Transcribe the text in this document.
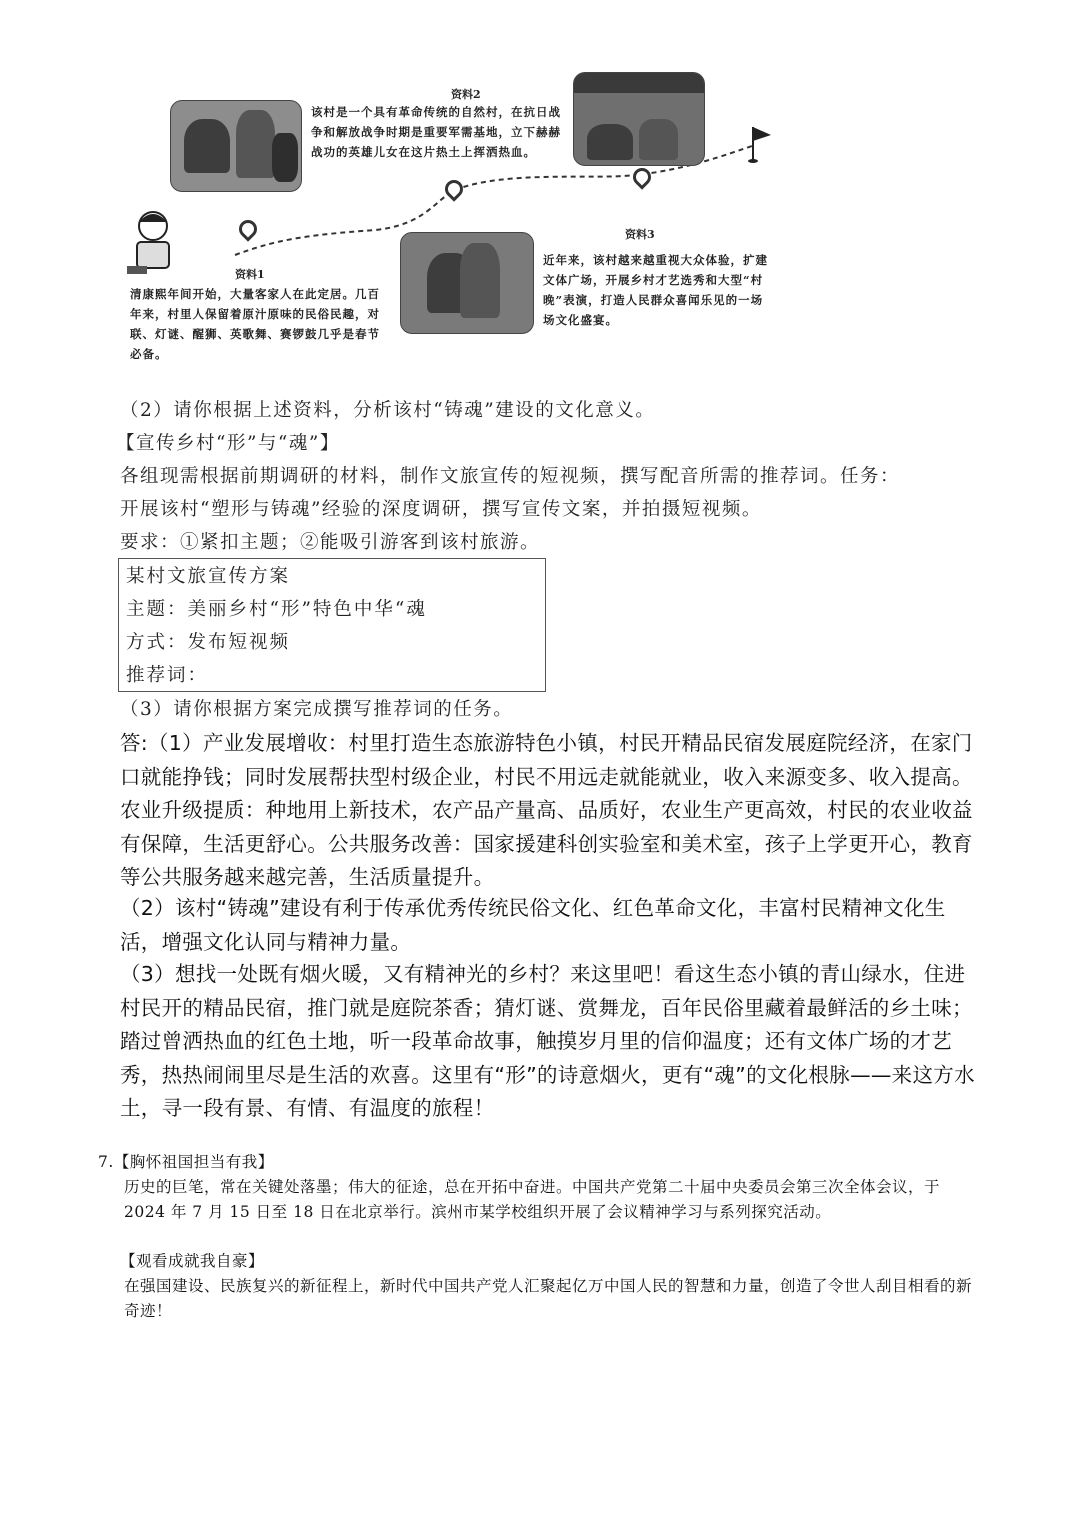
资料2
该村是一个具有革命传统的自然村，在抗日战争和解放战争时期是重要军需基地，立下赫赫战功的英雄儿女在这片热土上挥洒热血。
资料1
清康熙年间开始，大量客家人在此定居。几百年来，村里人保留着原汁原味的民俗民趣，对联、灯谜、醒狮、英歌舞、赛锣鼓几乎是春节必备。
资料3
近年来，该村越来越重视大众体验，扩建文体广场，开展乡村才艺选秀和大型“村晚”表演，打造人民群众喜闻乐见的一场场文化盛宴。
（2）请你根据上述资料，分析该村“铸魂”建设的文化意义。
【宣传乡村“形”与“魂”】
各组现需根据前期调研的材料，制作文旅宣传的短视频，撰写配音所需的推荐词。任务：
开展该村“塑形与铸魂”经验的深度调研，撰写宣传文案，并拍摄短视频。
要求：①紧扣主题；②能吸引游客到该村旅游。
某村文旅宣传方案
主题：美丽乡村“形”特色中华“魂
方式：发布短视频
推荐词：
（3）请你根据方案完成撰写推荐词的任务。
答:（1）产业发展增收：村里打造生态旅游特色小镇，村民开精品民宿发展庭院经济，在家门口就能挣钱；同时发展帮扶型村级企业，村民不用远走就能就业，收入来源变多、收入提高。农业升级提质：种地用上新技术，农产品产量高、品质好，农业生产更高效，村民的农业收益有保障，生活更舒心。公共服务改善：国家援建科创实验室和美术室，孩子上学更开心，教育等公共服务越来越完善，生活质量提升。
（2）该村“铸魂”建设有利于传承优秀传统民俗文化、红色革命文化，丰富村民精神文化生活，增强文化认同与精神力量。
（3）想找一处既有烟火暖，又有精神光的乡村？来这里吧！看这生态小镇的青山绿水，住进村民开的精品民宿，推门就是庭院茶香；猜灯谜、赏舞龙，百年民俗里藏着最鲜活的乡土味；踏过曾洒热血的红色土地，听一段革命故事，触摸岁月里的信仰温度；还有文体广场的才艺秀，热热闹闹里尽是生活的欢喜。这里有“形”的诗意烟火，更有“魂”的文化根脉——来这方水土，寻一段有景、有情、有温度的旅程！
7.【胸怀祖国担当有我】
历史的巨笔，常在关键处落墨；伟大的征途，总在开拓中奋进。中国共产党第二十届中央委员会第三次全体会议，于 2024 年 7 月 15 日至 18 日在北京举行。滨州市某学校组织开展了会议精神学习与系列探究活动。
【观看成就我自豪】
在强国建设、民族复兴的新征程上，新时代中国共产党人汇聚起亿万中国人民的智慧和力量，创造了令世人刮目相看的新奇迹！
